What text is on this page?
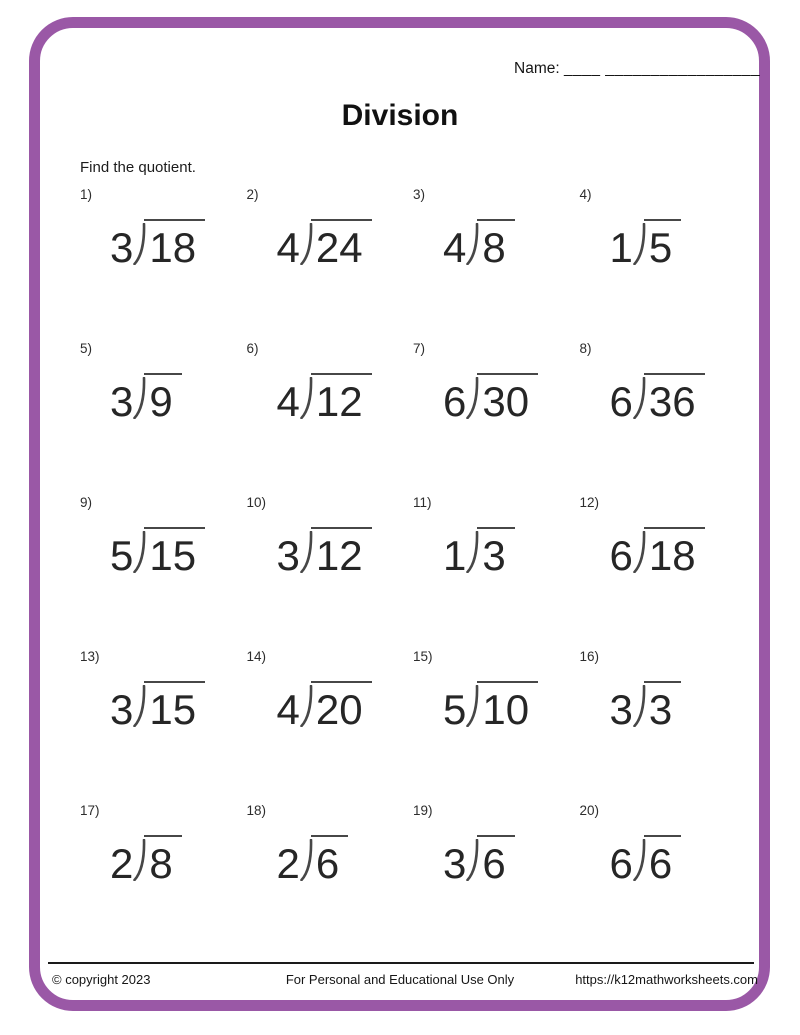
Name: ____ _________________
Division
Find the quotient.
1)
3 18
2)
4 24
3)
4 8
4)
1 5
5)
3 9
6)
4 12
7)
6 30
8)
6 36
9)
5 15
10)
3 12
11)
1 3
12)
6 18
13)
3 15
14)
4 20
15)
5 10
16)
3 3
17)
2 8
18)
2 6
19)
3 6
20)
6 6
© copyright 2023	For Personal and Educational Use Only	https://k12mathworksheets.com
